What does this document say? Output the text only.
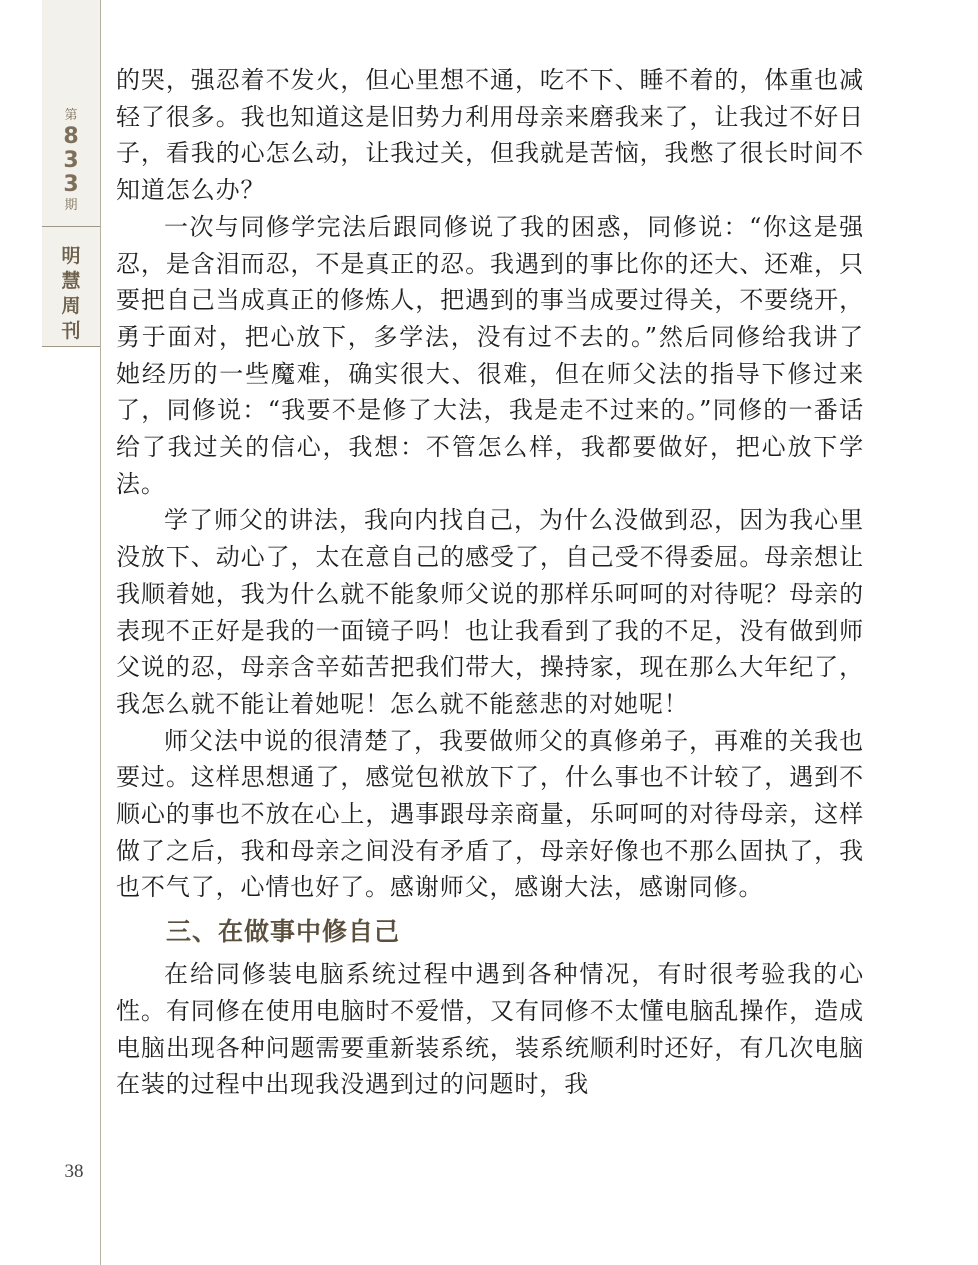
第
8
3
3
期
明
慧
周
刊
38

的哭，强忍着不发火，但心里想不通，吃不下、睡不着的，体重也减轻了很多。我也知道这是旧势力利用母亲来磨我来了，让我过不好日子，看我的心怎么动，让我过关，但我就是苦恼，我憋了很长时间不知道怎么办？

一次与同修学完法后跟同修说了我的困惑，同修说：“你这是强忍，是含泪而忍，不是真正的忍。我遇到的事比你的还大、还难，只要把自己当成真正的修炼人，把遇到的事当成要过得关，不要绕开，勇于面对，把心放下，多学法，没有过不去的。”然后同修给我讲了她经历的一些魔难，确实很大、很难，但在师父法的指导下修过来了，同修说：“我要不是修了大法，我是走不过来的。”同修的一番话给了我过关的信心，我想：不管怎么样，我都要做好，把心放下学法。

学了师父的讲法，我向内找自己，为什么没做到忍，因为我心里没放下、动心了，太在意自己的感受了，自己受不得委屈。母亲想让我顺着她，我为什么就不能象师父说的那样乐呵呵的对待呢？母亲的表现不正好是我的一面镜子吗！也让我看到了我的不足，没有做到师父说的忍，母亲含辛茹苦把我们带大，操持家，现在那么大年纪了，我怎么就不能让着她呢！怎么就不能慈悲的对她呢！

师父法中说的很清楚了，我要做师父的真修弟子，再难的关我也要过。这样思想通了，感觉包袱放下了，什么事也不计较了，遇到不顺心的事也不放在心上，遇事跟母亲商量，乐呵呵的对待母亲，这样做了之后，我和母亲之间没有矛盾了，母亲好像也不那么固执了，我也不气了，心情也好了。感谢师父，感谢大法，感谢同修。

三、在做事中修自己

在给同修装电脑系统过程中遇到各种情况，有时很考验我的心性。有同修在使用电脑时不爱惜，又有同修不太懂电脑乱操作，造成电脑出现各种问题需要重新装系统，装系统顺利时还好，有几次电脑在装的过程中出现我没遇到过的问题时，我
